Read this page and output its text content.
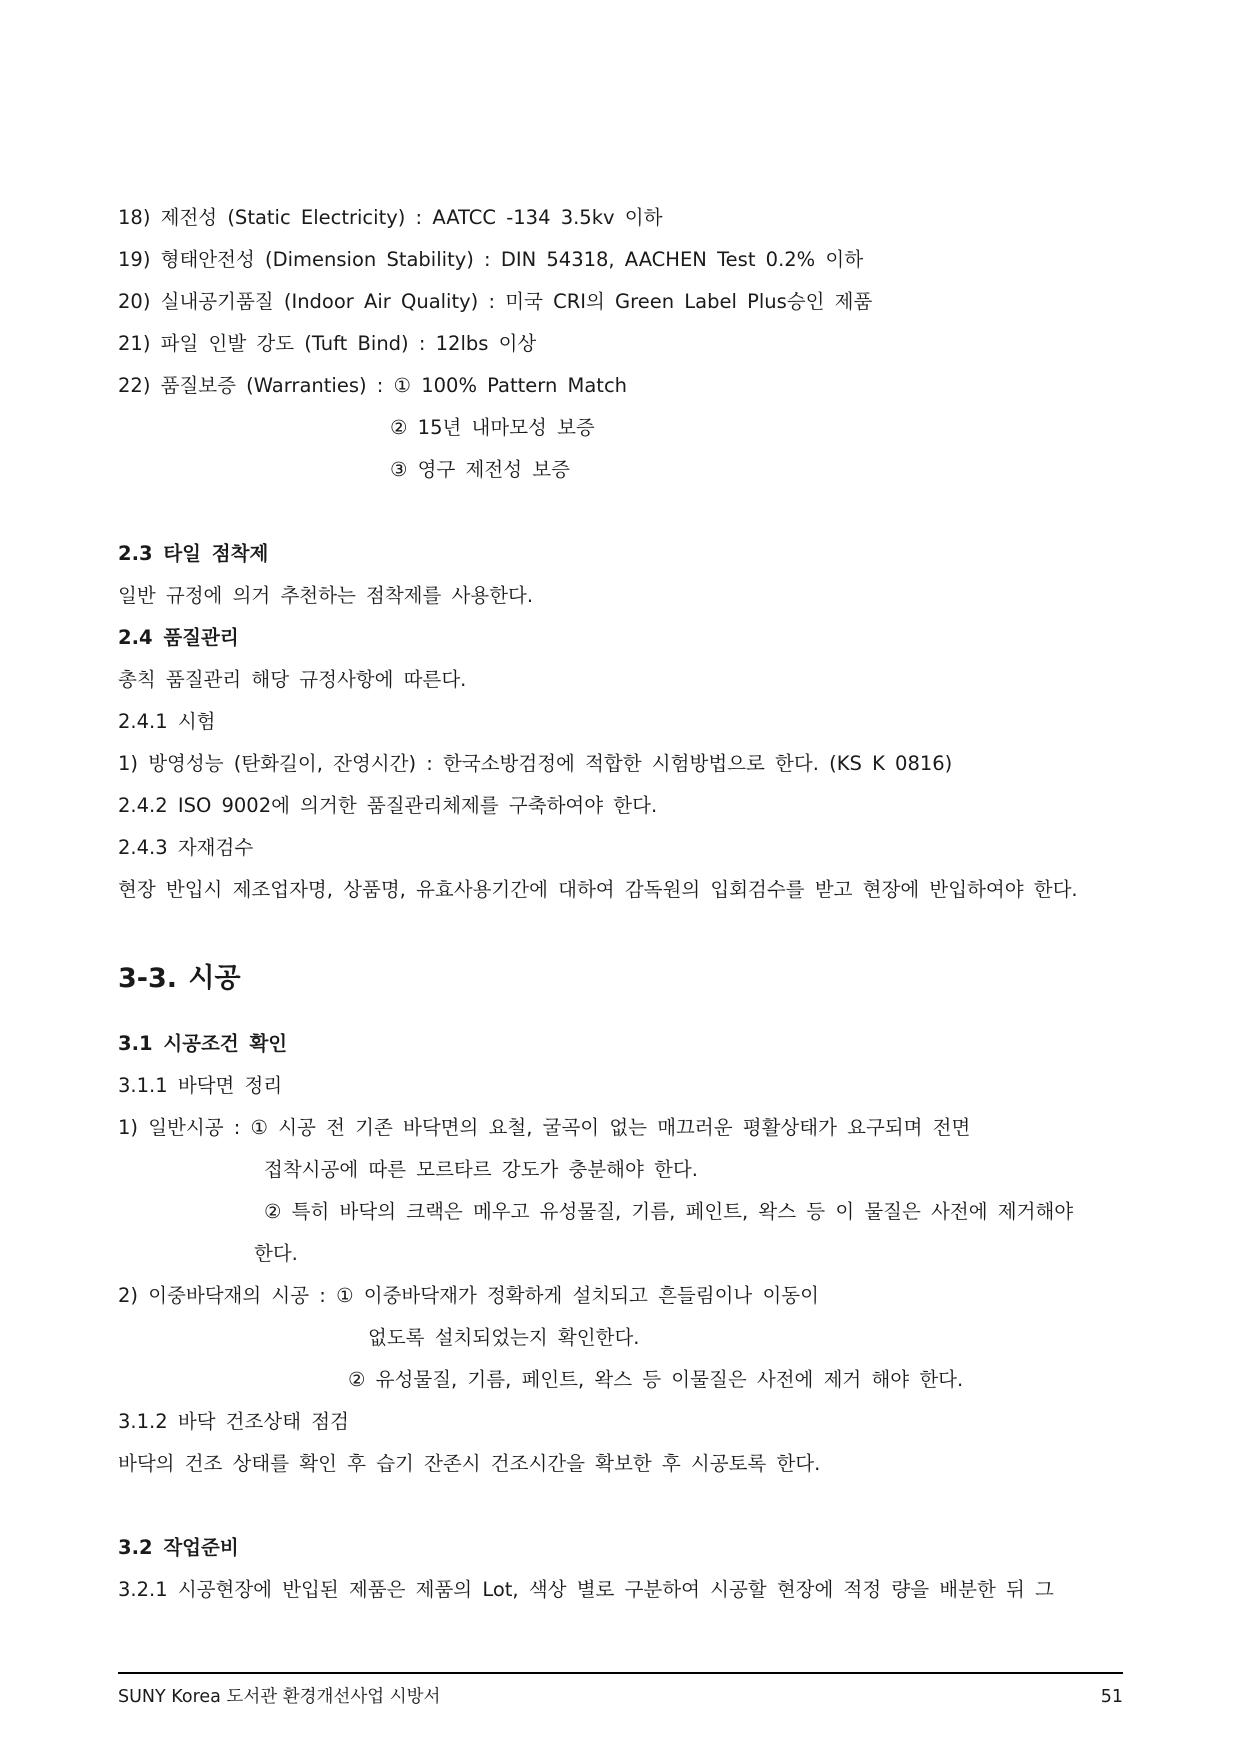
18) 제전성 (Static Electricity) : AATCC -134 3.5kv 이하
19) 형태안전성 (Dimension Stability) : DIN 54318, AACHEN Test 0.2% 이하
20) 실내공기품질 (Indoor Air Quality) : 미국 CRI의 Green Label Plus승인 제품
21) 파일 인발 강도 (Tuft Bind) : 12lbs 이상
22) 품질보증 (Warranties) : ① 100% Pattern Match
② 15년 내마모성 보증
③ 영구 제전성 보증
2.3 타일 점착제
일반 규정에 의거 추천하는 점착제를 사용한다.
2.4 품질관리
총칙 품질관리 해당 규정사항에 따른다.
2.4.1 시험
1) 방영성능 (탄화길이, 잔영시간) : 한국소방검정에 적합한 시험방법으로 한다. (KS K 0816)
2.4.2 ISO 9002에 의거한 품질관리체제를 구축하여야 한다.
2.4.3 자재검수
현장 반입시 제조업자명, 상품명, 유효사용기간에 대하여 감독원의 입회검수를 받고 현장에 반입하여야 한다.
3-3. 시공
3.1 시공조건 확인
3.1.1 바닥면 정리
1) 일반시공 : ① 시공 전 기존 바닥면의 요철, 굴곡이 없는 매끄러운 평활상태가 요구되며 전면
접착시공에 따른 모르타르 강도가 충분해야 한다.
② 특히 바닥의 크랙은 메우고 유성물질, 기름, 페인트, 왁스 등 이 물질은 사전에 제거해야
한다.
2) 이중바닥재의 시공 : ① 이중바닥재가 정확하게 설치되고 흔들림이나 이동이
없도록 설치되었는지 확인한다.
② 유성물질, 기름, 페인트, 왁스 등 이물질은 사전에 제거 해야 한다.
3.1.2 바닥 건조상태 점검
바닥의 건조 상태를 확인 후 습기 잔존시 건조시간을 확보한 후 시공토록 한다.
3.2 작업준비
3.2.1 시공현장에 반입된 제품은 제품의 Lot, 색상 별로 구분하여 시공할 현장에 적정 량을 배분한 뒤 그
SUNY Korea 도서관 환경개선사업 시방서	51
